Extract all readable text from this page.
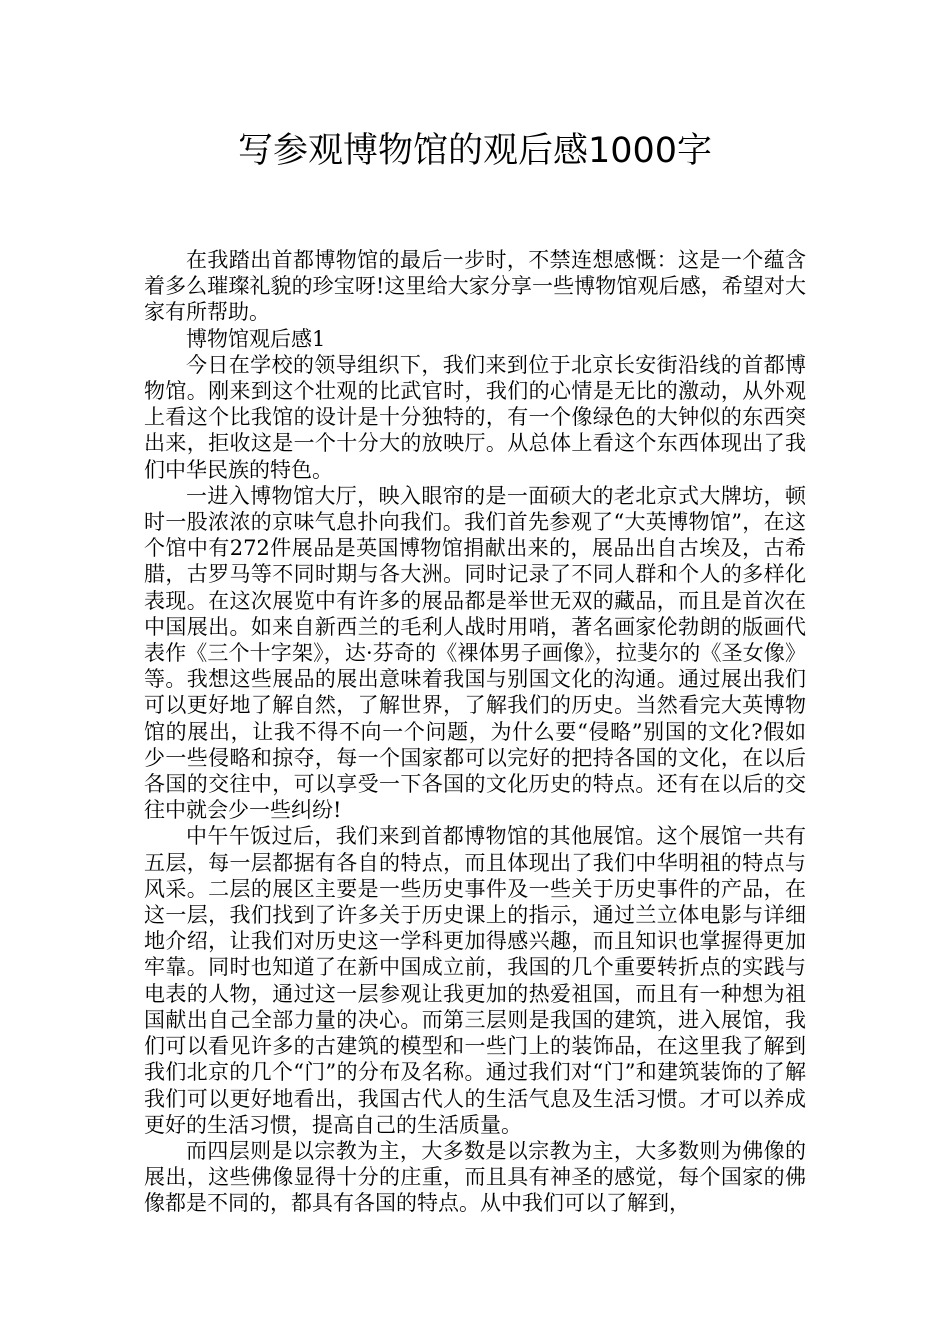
写参观博物馆的观后感1000字

在我踏出首都博物馆的最后一步时，不禁连想感慨：这是一个蕴含着多么璀璨礼貌的珍宝呀!这里给大家分享一些博物馆观后感，希望对大家有所帮助。

博物馆观后感1

今日在学校的领导组织下，我们来到位于北京长安街沿线的首都博物馆。刚来到这个壮观的比武官时，我们的心情是无比的激动，从外观上看这个比我馆的设计是十分独特的，有一个像绿色的大钟似的东西突出来，拒收这是一个十分大的放映厅。从总体上看这个东西体现出了我们中华民族的特色。

一进入博物馆大厅，映入眼帘的是一面硕大的老北京式大牌坊，顿时一股浓浓的京味气息扑向我们。我们首先参观了“大英博物馆”，在这个馆中有272件展品是英国博物馆捐献出来的，展品出自古埃及，古希腊，古罗马等不同时期与各大洲。同时记录了不同人群和个人的多样化表现。在这次展览中有许多的展品都是举世无双的藏品，而且是首次在中国展出。如来自新西兰的毛利人战时用哨，著名画家伦勃朗的版画代表作《三个十字架》，达·芬奇的《裸体男子画像》，拉斐尔的《圣女像》等。我想这些展品的展出意味着我国与别国文化的沟通。通过展出我们可以更好地了解自然，了解世界，了解我们的历史。当然看完大英博物馆的展出，让我不得不向一个问题，为什么要“侵略”别国的文化?假如少一些侵略和掠夺，每一个国家都可以完好的把持各国的文化，在以后各国的交往中，可以享受一下各国的文化历史的特点。还有在以后的交往中就会少一些纠纷!

中午午饭过后，我们来到首都博物馆的其他展馆。这个展馆一共有五层，每一层都据有各自的特点，而且体现出了我们中华明祖的特点与风采。二层的展区主要是一些历史事件及一些关于历史事件的产品，在这一层，我们找到了许多关于历史课上的指示，通过兰立体电影与详细地介绍，让我们对历史这一学科更加得感兴趣，而且知识也掌握得更加牢靠。同时也知道了在新中国成立前，我国的几个重要转折点的实践与电表的人物，通过这一层参观让我更加的热爱祖国，而且有一种想为祖国献出自己全部力量的决心。而第三层则是我国的建筑，进入展馆，我们可以看见许多的古建筑的模型和一些门上的装饰品，在这里我了解到我们北京的几个“门”的分布及名称。通过我们对“门”和建筑装饰的了解我们可以更好地看出，我国古代人的生活气息及生活习惯。才可以养成更好的生活习惯，提高自己的生活质量。

而四层则是以宗教为主，大多数是以宗教为主，大多数则为佛像的展出，这些佛像显得十分的庄重，而且具有神圣的感觉，每个国家的佛像都是不同的，都具有各国的特点。从中我们可以了解到，
